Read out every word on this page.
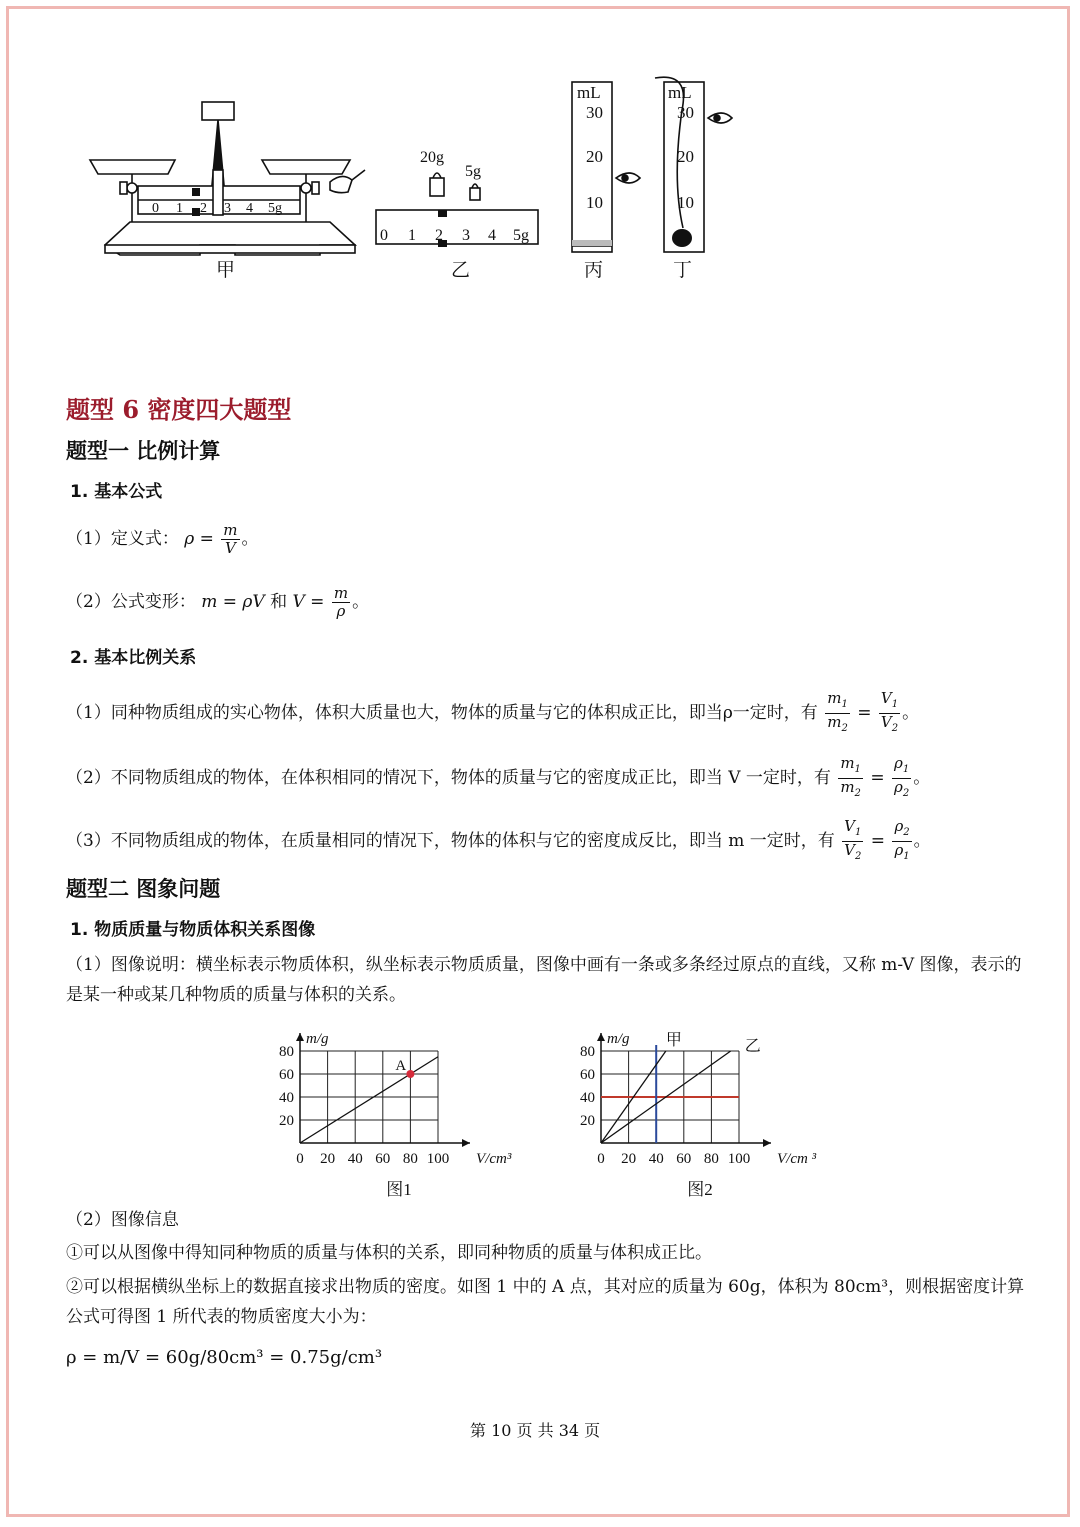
0 1 2 3 4 5g
20g
5g
0 1 2 3 4 5g
mL
30
20
10
mL
30
20
10
甲	乙	丙	丁
题型 6 密度四大题型
题型一 比例计算
1. 基本公式
（1）定义式： $\rho = \frac{m}{V}$ 。
（2）公式变形： m = ρV 和 $V = \frac{m}{\rho}$ 。
2. 基本比例关系
（1）同种物质组成的实心物体，体积大质量也大，物体的质量与它的体积成正比，即当ρ一定时，有 $\frac{m_1}{m_2} = \frac{V_1}{V_2}$ 。
（2）不同物质组成的物体，在体积相同的情况下，物体的质量与它的密度成正比，即当 V 一定时，有 $\frac{m_1}{m_2} = \frac{\rho_1}{\rho_2}$ 。
（3）不同物质组成的物体，在质量相同的情况下，物体的体积与它的密度成反比，即当 m 一定时，有 $\frac{V_1}{V_2} = \frac{\rho_2}{\rho_1}$ 。
题型二 图象问题
1. 物质质量与物质体积关系图像
（1）图像说明：横坐标表示物质体积，纵坐标表示物质质量，图像中画有一条或多条经过原点的直线，又称 m-V 图像，表示的是某一种或某几种物质的质量与体积的关系。
0 20 40 60 80 100
20
40
60
80
m/g
V/cm³
图1
A
0 20 40 60 80 100
20
40
60
80
m/g
V/cm ³
图2
甲	乙
（2）图像信息
①可以从图像中得知同种物质的质量与体积的关系，即同种物质的质量与体积成正比。
②可以根据横纵坐标上的数据直接求出物质的密度。如图 1 中的 A 点，其对应的质量为 60g，体积为 80cm³，则根据密度计算公式可得图 1 所代表的物质密度大小为：
ρ = m/V = 60g/80cm³ = 0.75g/cm³
第 10 页 共 34 页
